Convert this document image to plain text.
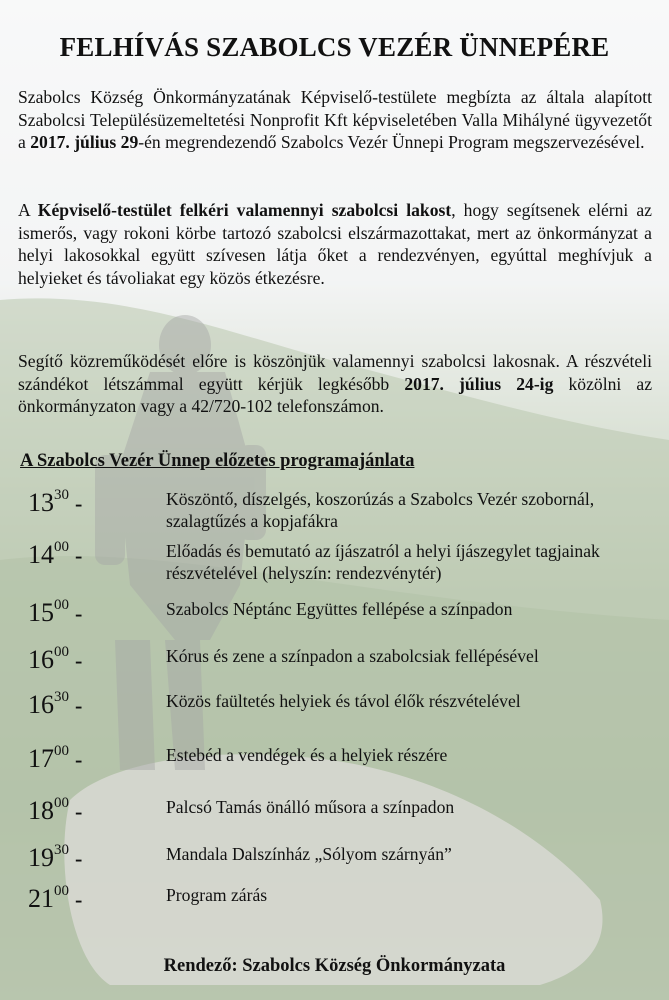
FELHÍVÁS SZABOLCS VEZÉR ÜNNEPÉRE

Szabolcs Község Önkormányzatának Képviselő-testülete megbízta az általa alapított Szabolcsi Településüzemeltetési Nonprofit Kft képviseletében Valla Mihályné ügyvezetőt a 2017. július 29-én megrendezendő Szabolcs Vezér Ünnepi Program megszervezésével.

A Képviselő-testület felkéri valamennyi szabolcsi lakost, hogy segítsenek elérni az ismerős, vagy rokoni körbe tartozó szabolcsi elszármazottakat, mert az önkormányzat a helyi lakosokkal együtt szívesen látja őket a rendezvényen, egyúttal meghívjuk a helyieket és távoliakat egy közös étkezésre.

Segítő közreműködését előre is köszönjük valamennyi szabolcsi lakosnak. A részvételi szándékot létszámmal együtt kérjük legkésőbb 2017. július 24-ig közölni az önkormányzaton vagy a 42/720-102 telefonszámon.

A Szabolcs Vezér Ünnep előzetes programajánlata
$13^{30}$ -	Köszöntő, díszelgés, koszorúzás a Szabolcs Vezér szobornál, szalagtűzés a kopjafákra
$14^{00}$ -	Előadás és bemutató az íjászatról a helyi íjászegylet tagjainak részvételével (helyszín: rendezvénytér)
$15^{00}$ -	Szabolcs Néptánc Együttes fellépése a színpadon
$16^{00}$ -	Kórus és zene a színpadon a szabolcsiak fellépésével
$16^{30}$ -	Közös faültetés helyiek és távol élők részvételével
$17^{00}$ -	Estebéd a vendégek és a helyiek részére
$18^{00}$ -	Palcsó Tamás önálló műsora a színpadon
$19^{30}$ -	Mandala Dalszínház „Sólyom szárnyán”
$21^{00}$ -	Program zárás

Rendező: Szabolcs Község Önkormányzata
